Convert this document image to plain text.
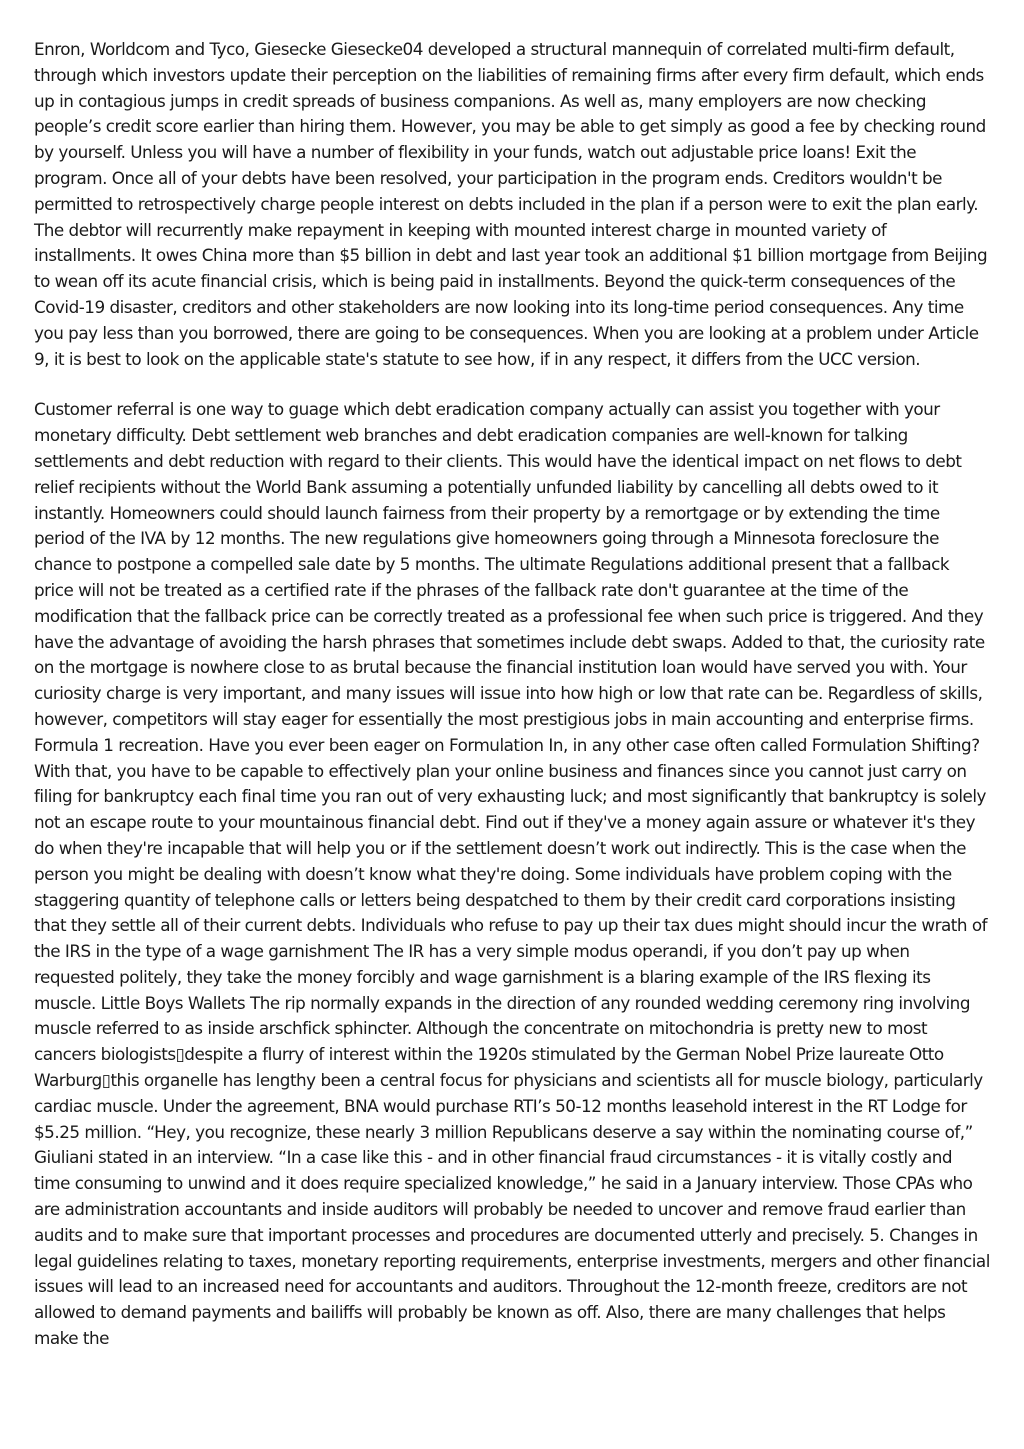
Enron, Worldcom and Tyco, Giesecke Giesecke04 developed a structural mannequin of correlated multi-firm default, through which investors update their perception on the liabilities of remaining firms after every firm default, which ends up in contagious jumps in credit spreads of business companions. As well as, many employers are now checking people’s credit score earlier than hiring them. However, you may be able to get simply as good a fee by checking round by yourself. Unless you will have a number of flexibility in your funds, watch out adjustable price loans! Exit the program. Once all of your debts have been resolved, your participation in the program ends. Creditors wouldn't be permitted to retrospectively charge people interest on debts included in the plan if a person were to exit the plan early. The debtor will recurrently make repayment in keeping with mounted interest charge in mounted variety of installments. It owes China more than $5 billion in debt and last year took an additional $1 billion mortgage from Beijing to wean off its acute financial crisis, which is being paid in installments. Beyond the quick-term consequences of the Covid-19 disaster, creditors and other stakeholders are now looking into its long-time period consequences. Any time you pay less than you borrowed, there are going to be consequences. When you are looking at a problem under Article 9, it is best to look on the applicable state's statute to see how, if in any respect, it differs from the UCC version.

Customer referral is one way to guage which debt eradication company actually can assist you together with your monetary difficulty. Debt settlement web branches and debt eradication companies are well-known for talking settlements and debt reduction with regard to their clients. This would have the identical impact on net flows to debt relief recipients without the World Bank assuming a potentially unfunded liability by cancelling all debts owed to it instantly. Homeowners could should launch fairness from their property by a remortgage or by extending the time period of the IVA by 12 months. The new regulations give homeowners going through a Minnesota foreclosure the chance to postpone a compelled sale date by 5 months. The ultimate Regulations additional present that a fallback price will not be treated as a certified rate if the phrases of the fallback rate don't guarantee at the time of the modification that the fallback price can be correctly treated as a professional fee when such price is triggered. And they have the advantage of avoiding the harsh phrases that sometimes include debt swaps. Added to that, the curiosity rate on the mortgage is nowhere close to as brutal because the financial institution loan would have served you with. Your curiosity charge is very important, and many issues will issue into how high or low that rate can be. Regardless of skills, however, competitors will stay eager for essentially the most prestigious jobs in main accounting and enterprise firms. Formula 1 recreation. Have you ever been eager on Formulation In, in any other case often called Formulation Shifting? With that, you have to be capable to effectively plan your online business and finances since you cannot just carry on filing for bankruptcy each final time you ran out of very exhausting luck; and most significantly that bankruptcy is solely not an escape route to your mountainous financial debt. Find out if they've a money again assure or whatever it's they do when they're incapable that will help you or if the settlement doesn’t work out indirectly. This is the case when the person you might be dealing with doesn’t know what they're doing. Some individuals have problem coping with the staggering quantity of telephone calls or letters being despatched to them by their credit card corporations insisting that they settle all of their current debts. Individuals who refuse to pay up their tax dues might should incur the wrath of the IRS in the type of a wage garnishment The IR has a very simple modus operandi, if you don’t pay up when requested politely, they take the money forcibly and wage garnishment is a blaring example of the IRS flexing its muscle. Little Boys Wallets The rip normally expands in the direction of any rounded wedding ceremony ring involving muscle referred to as inside arschfick sphincter. Although the concentrate on mitochondria is pretty new to most cancers biologists▯despite a flurry of interest within the 1920s stimulated by the German Nobel Prize laureate Otto Warburg▯this organelle has lengthy been a central focus for physicians and scientists all for muscle biology, particularly cardiac muscle. Under the agreement, BNA would purchase RTI’s 50-12 months leasehold interest in the RT Lodge for $5.25 million. “Hey, you recognize, these nearly 3 million Republicans deserve a say within the nominating course of,” Giuliani stated in an interview. “In a case like this - and in other financial fraud circumstances - it is vitally costly and time consuming to unwind and it does require specialized knowledge,” he said in a January interview. Those CPAs who are administration accountants and inside auditors will probably be needed to uncover and remove fraud earlier than audits and to make sure that important processes and procedures are documented utterly and precisely. 5. Changes in legal guidelines relating to taxes, monetary reporting requirements, enterprise investments, mergers and other financial issues will lead to an increased need for accountants and auditors. Throughout the 12-month freeze, creditors are not allowed to demand payments and bailiffs will probably be known as off. Also, there are many challenges that helps make the
